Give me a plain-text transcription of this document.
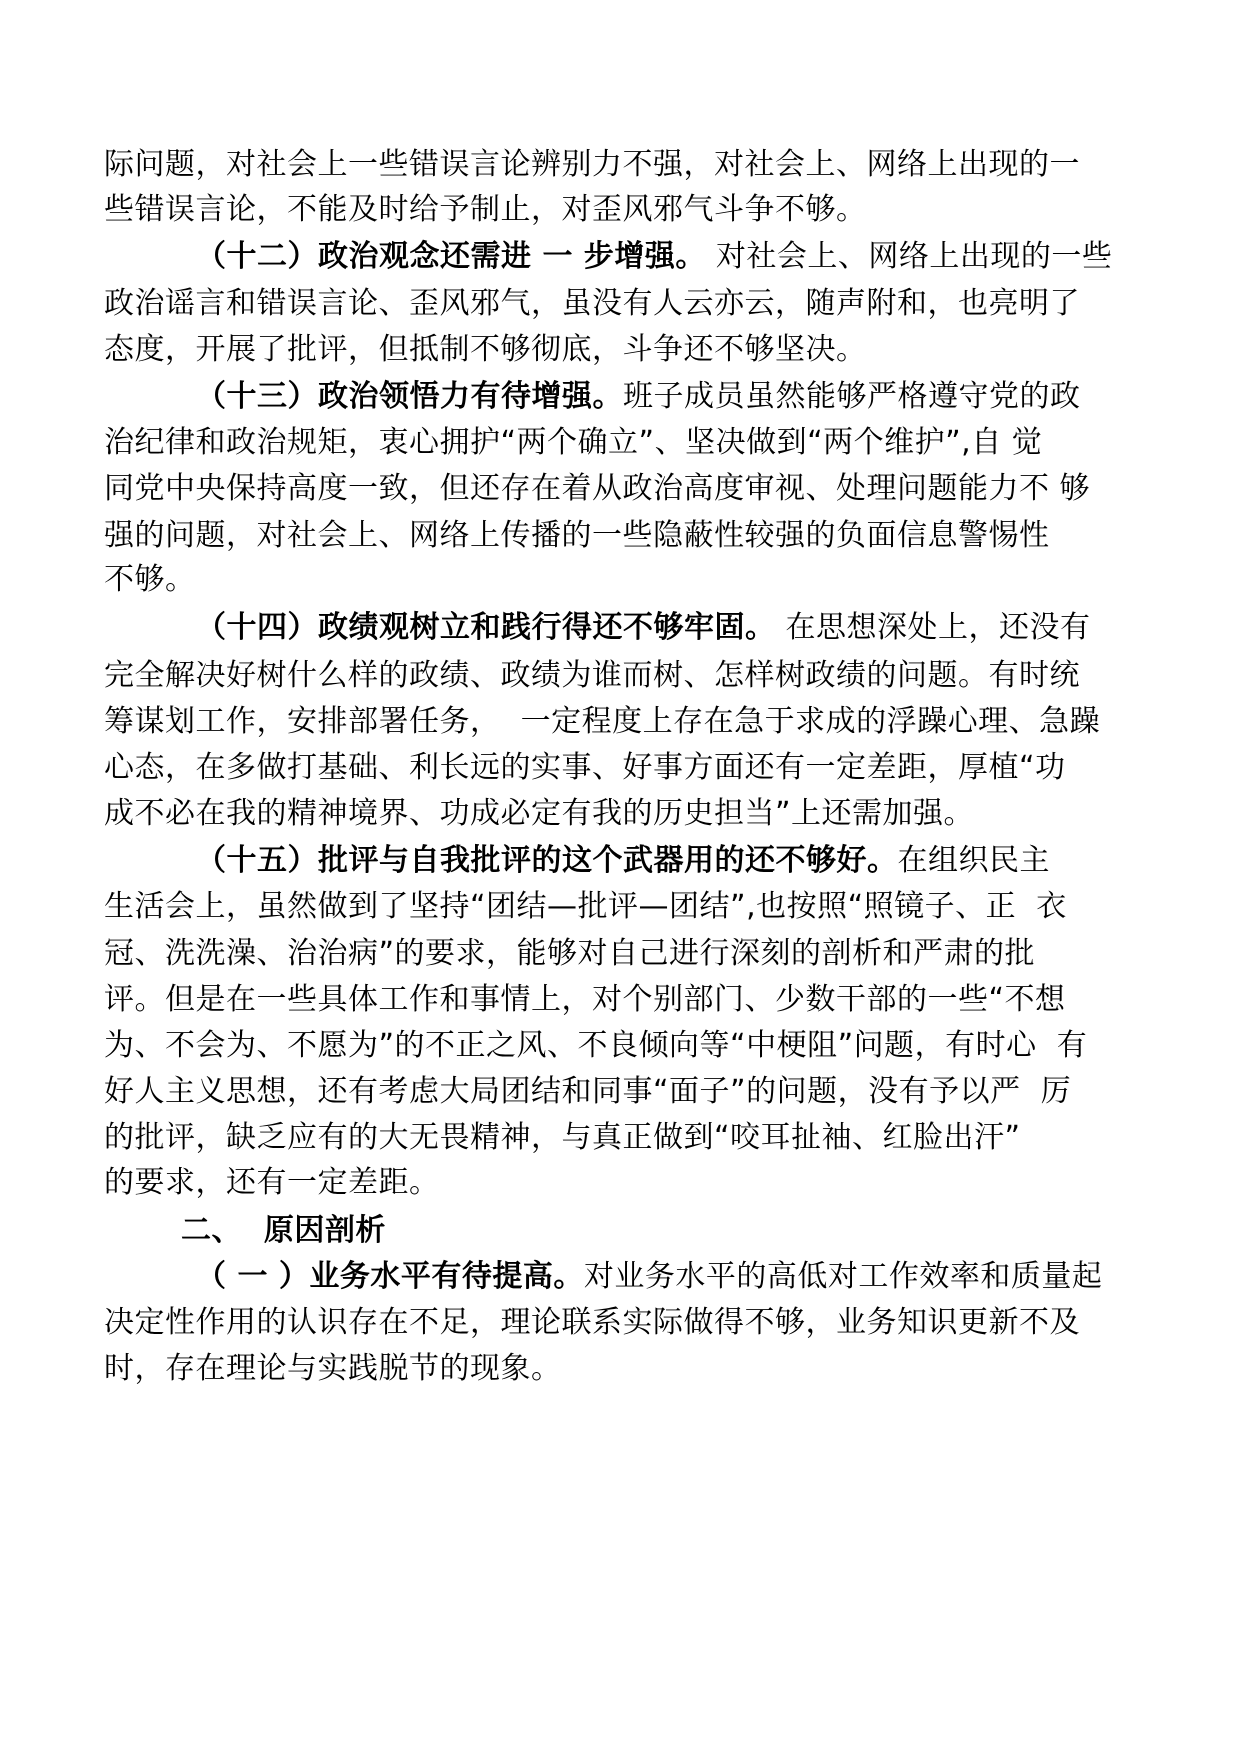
际问题，对社会上一些错误言论辨别力不强，对社会上、网络上出现的一

些错误言论，不能及时给予制止，对歪风邪气斗争不够。

（十二）政治观念还需进 一 步增强。 对社会上、网络上出现的一些

政治谣言和错误言论、歪风邪气，虽没有人云亦云，随声附和，也亮明了

态度，开展了批评，但抵制不够彻底，斗争还不够坚决。

（十三）政治领悟力有待增强。班子成员虽然能够严格遵守党的政

治纪律和政治规矩，衷心拥护“两个确立”、坚决做到“两个维护”,自 觉

同党中央保持高度一致，但还存在着从政治高度审视、处理问题能力不 够

强的问题，对社会上、网络上传播的一些隐蔽性较强的负面信息警惕性

不够。

（十四）政绩观树立和践行得还不够牢固。 在思想深处上，还没有

完全解决好树什么样的政绩、政绩为谁而树、怎样树政绩的问题。有时统

筹谋划工作，安排部署任务，  一定程度上存在急于求成的浮躁心理、急躁

心态，在多做打基础、利长远的实事、好事方面还有一定差距，厚植“功

成不必在我的精神境界、功成必定有我的历史担当”上还需加强。

（十五）批评与自我批评的这个武器用的还不够好。在组织民主

生活会上，虽然做到了坚持“团结—批评—团结”,也按照“照镜子、正  衣

冠、洗洗澡、治治病”的要求，能够对自己进行深刻的剖析和严肃的批

评。但是在一些具体工作和事情上，对个别部门、少数干部的一些“不想

为、不会为、不愿为”的不正之风、不良倾向等“中梗阻”问题，有时心  有

好人主义思想，还有考虑大局团结和同事“面子”的问题，没有予以严  厉

的批评，缺乏应有的大无畏精神，与真正做到“咬耳扯袖、红脸出汗”

的要求，还有一定差距。

二、  原因剖析

（ 一 ）业务水平有待提高。对业务水平的高低对工作效率和质量起

决定性作用的认识存在不足，理论联系实际做得不够，业务知识更新不及

时，存在理论与实践脱节的现象。
